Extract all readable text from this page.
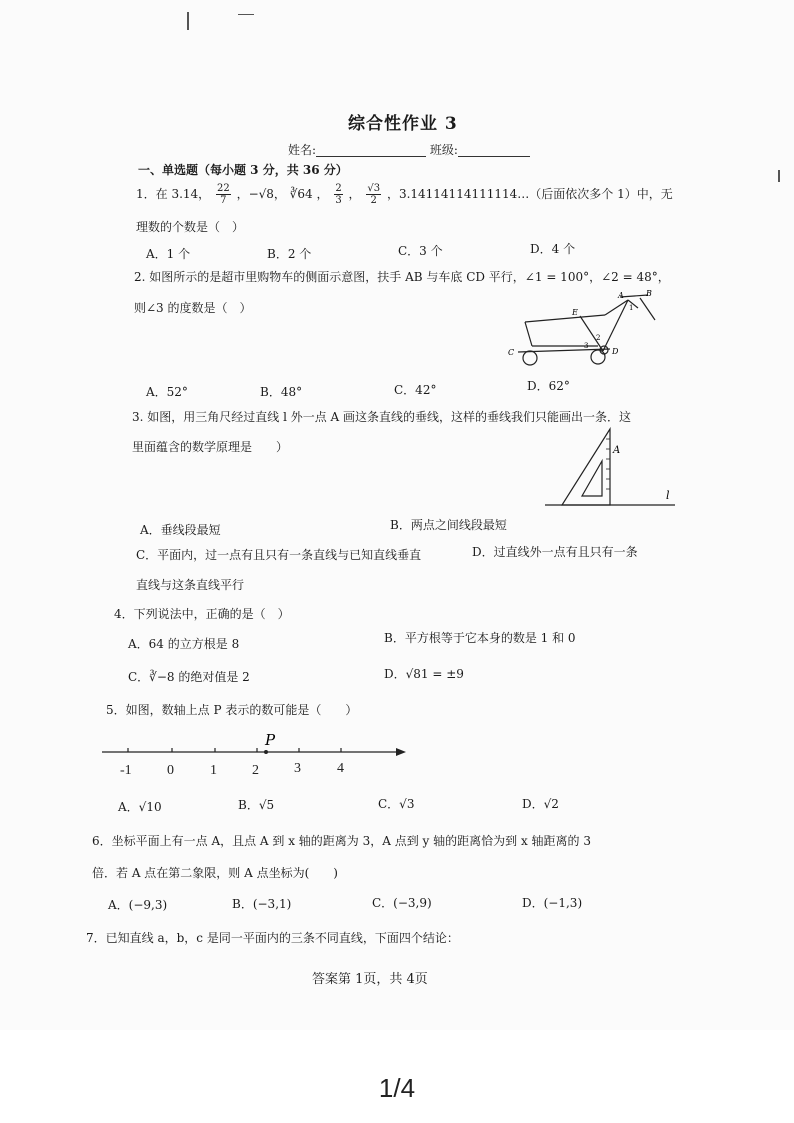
综合性作业 3
姓名:	班级:
一、单选题（每小题 3 分，共 36 分）
1．在 3.14， $\frac{22}{7}$ ，−√8， ∛64 ， $\frac{2}{3}$ ， $\frac{√3}{2}$ ，3.14114114111114…（后面依次多个 1）中，无
理数的个数是（　）
A．1 个	B．2 个	C．3 个	D．4 个
2. 如图所示的是超市里购物车的侧面示意图，扶手 AB 与车底 CD 平行，∠1 = 100°，∠2 = 48°，
则∠3 的度数是（　）
A	B
C	D
E	1
2
3
A．52°	B．48°	C．42°	D．62°
3. 如图，用三角尺经过直线 l 外一点 A 画这条直线的垂线，这样的垂线我们只能画出一条．这
里面蕴含的数学原理是　　）	A
l
A．垂线段最短	B．两点之间线段最短
C．平面内，过一点有且只有一条直线与已知直线垂直	D．过直线外一点有且只有一条
直线与这条直线平行
4．下列说法中，正确的是（　）
A．64 的立方根是 8	B．平方根等于它本身的数是 1 和 0
C．∛−8 的绝对值是 2	D．√81 = ±9
5．如图，数轴上点 P 表示的数可能是（　　）
P
-1	0	1	2	3	4
A．√10	B．√5	C．√3	D．√2
6．坐标平面上有一点 A，且点 A 到 x 轴的距离为 3，A 点到 y 轴的距离恰为到 x 轴距离的 3
倍．若 A 点在第二象限，则 A 点坐标为(　　)
A．(−9,3)	B．(−3,1)	C．(−3,9)	D．(−1,3)
7．已知直线 a，b，c 是同一平面内的三条不同直线，下面四个结论：
答案第 1页，共 4页
1/4
